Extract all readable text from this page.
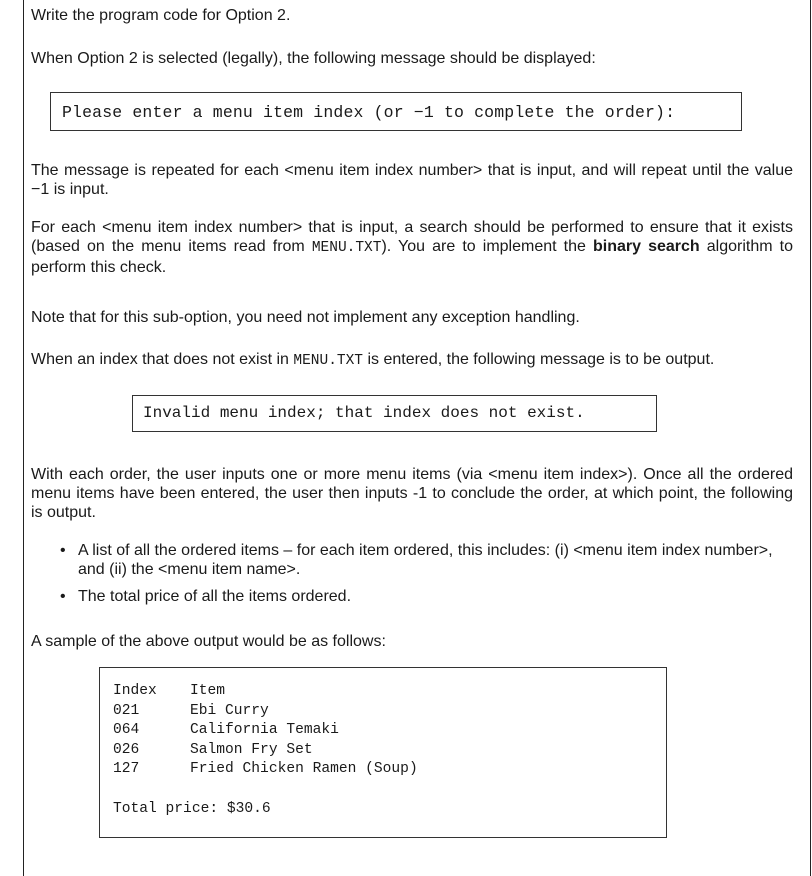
Write the program code for Option 2.

When Option 2 is selected (legally), the following message should be displayed:

Please enter a menu item index (or −1 to complete the order):

The message is repeated for each <menu item index number> that is input, and will repeat until the value −1 is input.

For each <menu item index number> that is input, a search should be performed to ensure that it exists (based on the menu items read from MENU.TXT). You are to implement the binary search algorithm to perform this check.

Note that for this sub-option, you need not implement any exception handling.

When an index that does not exist in MENU.TXT is entered, the following message is to be output.

Invalid menu index; that index does not exist.

With each order, the user inputs one or more menu items (via <menu item index>). Once all the ordered menu items have been entered, the user then inputs -1 to conclude the order, at which point, the following is output.

• A list of all the ordered items – for each item ordered, this includes: (i) <menu item index number>, and (ii) the <menu item name>.
• The total price of all the items ordered.

A sample of the above output would be as follows:

Index	Item
021	Ebi Curry
064	California Temaki
026	Salmon Fry Set
127	Fried Chicken Ramen (Soup)
Total price: $30.6
